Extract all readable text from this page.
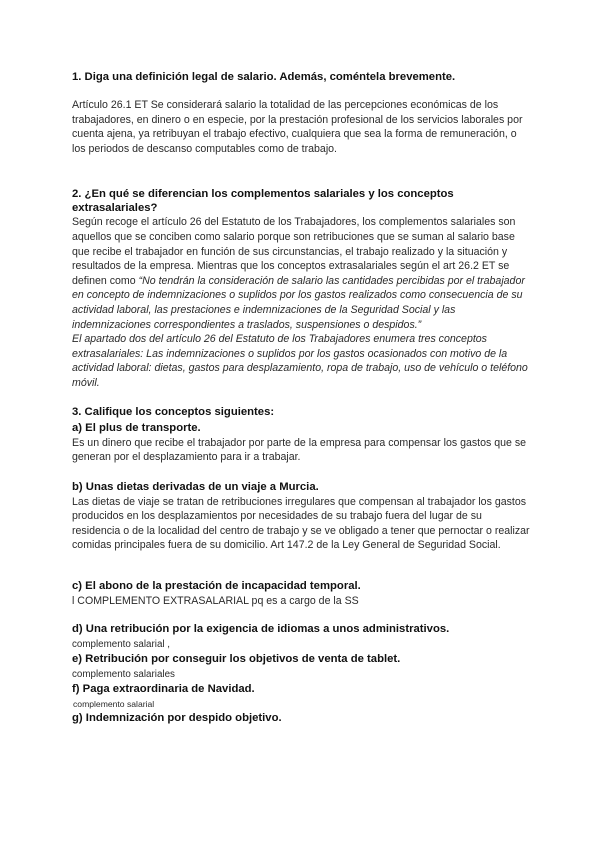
1. Diga una definición legal de salario. Además, coméntela brevemente.

Artículo 26.1 ET Se considerará salario la totalidad de las percepciones económicas de los trabajadores, en dinero o en especie, por la prestación profesional de los servicios laborales por cuenta ajena, ya retribuyan el trabajo efectivo, cualquiera que sea la forma de remuneración, o los periodos de descanso computables como de trabajo.

2. ¿En qué se diferencian los complementos salariales y los conceptos extrasalariales?

Según recoge el artículo 26 del Estatuto de los Trabajadores, los complementos salariales son aquellos que se conciben como salario porque son retribuciones que se suman al salario base que recibe el trabajador en función de sus circunstancias, el trabajo realizado y la situación y resultados de la empresa. Mientras que los conceptos extrasalariales según el art 26.2 ET se definen como “No tendrán la consideración de salario las cantidades percibidas por el trabajador en concepto de indemnizaciones o suplidos por los gastos realizados como consecuencia de su actividad laboral, las prestaciones e indemnizaciones de la Seguridad Social y las indemnizaciones correspondientes a traslados, suspensiones o despidos.”

El apartado dos del artículo 26 del Estatuto de los Trabajadores enumera tres conceptos extrasalariales: Las indemnizaciones o suplidos por los gastos ocasionados con motivo de la actividad laboral: dietas, gastos para desplazamiento, ropa de trabajo, uso de vehículo o teléfono móvil.

3. Califique los conceptos siguientes:

a) El plus de transporte.

Es un dinero que recibe el trabajador por parte de la empresa para compensar los gastos que se generan por el desplazamiento para ir a trabajar.

b) Unas dietas derivadas de un viaje a Murcia.

Las dietas de viaje se tratan de retribuciones irregulares que compensan al trabajador los gastos producidos en los desplazamientos por necesidades de su trabajo fuera del lugar de su residencia o de la localidad del centro de trabajo y se ve obligado a tener que pernoctar o realizar comidas principales fuera de su domicilio. Art 147.2 de la Ley General de Seguridad Social.

c) El abono de la prestación de incapacidad temporal.

l COMPLEMENTO EXTRASALARIAL pq es a cargo de la SS

d) Una retribución por la exigencia de idiomas a unos administrativos.

complemento salarial ,

e) Retribución por conseguir los objetivos de venta de tablet.

complemento salariales

f) Paga extraordinaria de Navidad.

complemento salarial

g) Indemnización por despido objetivo.
